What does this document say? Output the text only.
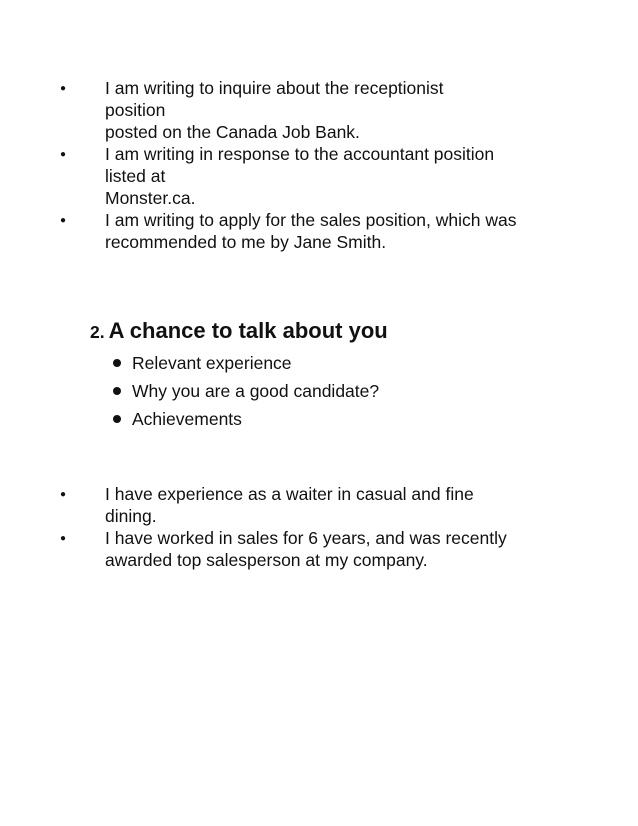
● I am writing to inquire about the receptionist
position
posted on the Canada Job Bank.
● I am writing in response to the accountant position
listed at
Monster.ca.
● I am writing to apply for the sales position, which was
recommended to me by Jane Smith.
2. A chance to talk about you
Relevant experience
Why you are a good candidate?
Achievements
● I have experience as a waiter in casual and fine
dining.
● I have worked in sales for 6 years, and was recently
awarded top salesperson at my company.
